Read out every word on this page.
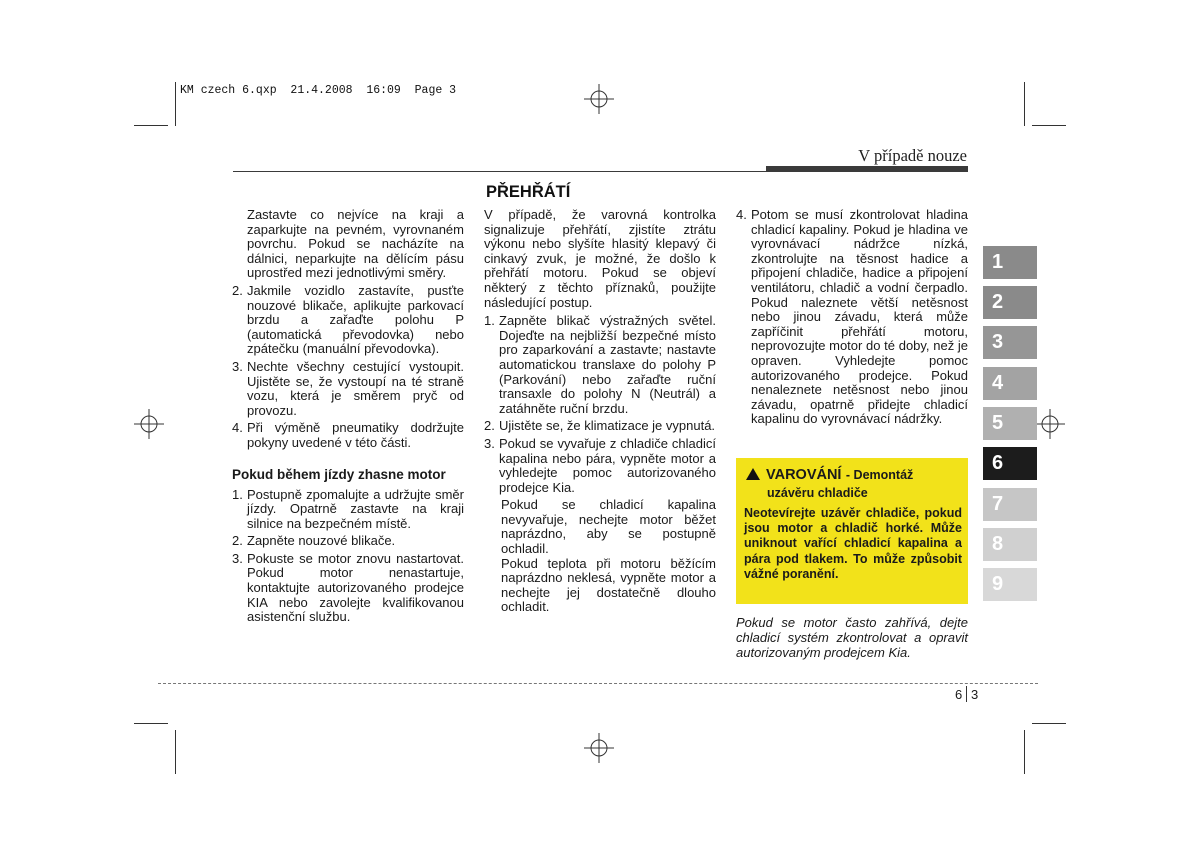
KM czech 6.qxp  21.4.2008  16:09  Page 3
V případě nouze

Zastavte co nejvíce na kraji a zaparkujte na pevném, vyrovnaném povrchu. Pokud se nacházíte na dálnici, neparkujte na dělícím pásu uprostřed mezi jednotlivými směry.

2. Jakmile vozidlo zastavíte, pusťte nouzové blikače, aplikujte parkovací brzdu a zařaďte polohu P (automatická převodovka) nebo zpátečku (manuální převodovka).
3. Nechte všechny cestující vystoupit. Ujistěte se, že vystoupí na té straně vozu, která je směrem pryč od provozu.
4. Při výměně pneumatiky dodržujte pokyny uvedené v této části.
Pokud během jízdy zhasne motor
1. Postupně zpomalujte a udržujte směr jízdy. Opatrně zastavte na kraji silnice na bezpečném místě.
2. Zapněte nouzové blikače.
3. Pokuste se motor znovu nastartovat. Pokud motor nenastartuje, kontaktujte autorizovaného prodejce KIA nebo zavolejte kvalifikovanou asistenční službu.
PŘEHŘÁTÍ

V případě, že varovná kontrolka signalizuje přehřátí, zjistíte ztrátu výkonu nebo slyšíte hlasitý klepavý či cinkavý zvuk, je možné, že došlo k přehřátí motoru. Pokud se objeví některý z těchto příznaků, použijte následující postup.

1. Zapněte blikač výstražných světel. Dojeďte na nejbližší bezpečné místo pro zaparkování a zastavte; nastavte automatickou translaxe do polohy P (Parkování) nebo zařaďte ruční transaxle do polohy N (Neutrál) a zatáhněte ruční brzdu.
2. Ujistěte se, že klimatizace je vypnutá.
3. Pokud se vyvařuje z chladiče chladicí kapalina nebo pára, vypněte motor a vyhledejte pomoc autorizovaného prodejce Kia.

Pokud se chladicí kapalina nevyvařuje, nechejte motor běžet naprázdno, aby se postupně ochladil.

Pokud teplota při motoru běžícím naprázdno neklesá, vypněte motor a nechejte jej dostatečně dlouho ochladit.

4. Potom se musí zkontrolovat hladina chladicí kapaliny. Pokud je hladina ve vyrovnávací nádržce nízká, zkontrolujte na těsnost hadice a připojení chladiče, hadice a připojení ventilátoru, chladič a vodní čerpadlo. Pokud naleznete větší netěsnost nebo jinou závadu, která může zapříčinit přehřátí motoru, neprovozujte motor do té doby, než je opraven. Vyhledejte pomoc autorizovaného prodejce. Pokud nenaleznete netěsnost nebo jinou závadu, opatrně přidejte chladicí kapalinu do vyrovnávací nádržky.
VAROVÁNÍ - Demontáž
uzávěru chladiče
Neotevírejte uzávěr chladiče, pokud jsou motor a chladič horké. Může uniknout vařící chladicí kapalina a pára pod tlakem. To může způsobit vážné poranění.
Pokud se motor často zahřívá, dejte chladicí systém zkontrolovat a opravit autorizovaným prodejcem Kia.
1
2
3
4
5
6
7
8
9
6 3
